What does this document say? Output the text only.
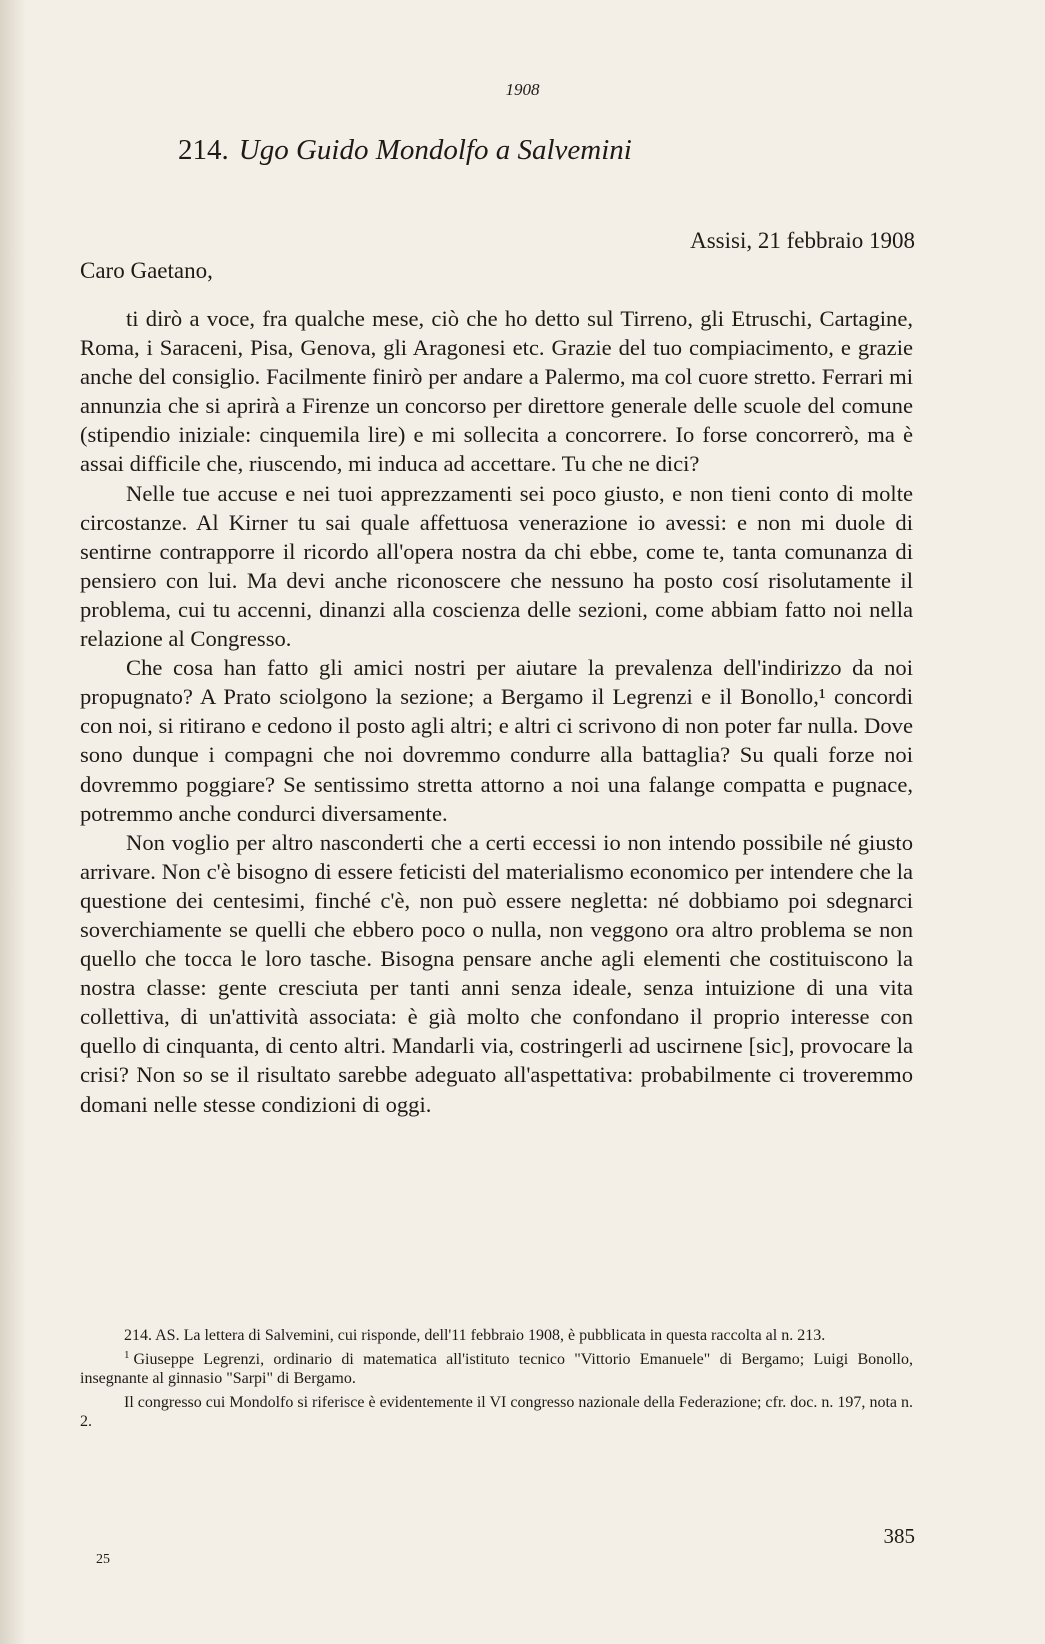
1908
214. Ugo Guido Mondolfo a Salvemini
Assisi, 21 febbraio 1908
Caro Gaetano,

ti dirò a voce, fra qualche mese, ciò che ho detto sul Tirreno, gli Etruschi, Cartagine, Roma, i Saraceni, Pisa, Genova, gli Aragonesi etc. Grazie del tuo compiacimento, e grazie anche del consiglio. Facilmente finirò per andare a Palermo, ma col cuore stretto. Ferrari mi annunzia che si aprirà a Firenze un concorso per direttore generale delle scuole del comune (stipendio iniziale: cinquemila lire) e mi sollecita a concorrere. Io forse concorrerò, ma è assai difficile che, riuscendo, mi induca ad accettare. Tu che ne dici?

Nelle tue accuse e nei tuoi apprezzamenti sei poco giusto, e non tieni conto di molte circostanze. Al Kirner tu sai quale affettuosa venerazione io avessi: e non mi duole di sentirne contrapporre il ricordo all'opera nostra da chi ebbe, come te, tanta comunanza di pensiero con lui. Ma devi anche riconoscere che nessuno ha posto cosí risolutamente il problema, cui tu accenni, dinanzi alla coscienza delle sezioni, come abbiam fatto noi nella relazione al Congresso.

Che cosa han fatto gli amici nostri per aiutare la prevalenza dell'indirizzo da noi propugnato? A Prato sciolgono la sezione; a Bergamo il Legrenzi e il Bonollo,¹ concordi con noi, si ritirano e cedono il posto agli altri; e altri ci scrivono di non poter far nulla. Dove sono dunque i compagni che noi dovremmo condurre alla battaglia? Su quali forze noi dovremmo poggiare? Se sentissimo stretta attorno a noi una falange compatta e pugnace, potremmo anche condurci diversamente.

Non voglio per altro nasconderti che a certi eccessi io non intendo possibile né giusto arrivare. Non c'è bisogno di essere feticisti del materialismo economico per intendere che la questione dei centesimi, finché c'è, non può essere negletta: né dobbiamo poi sdegnarci soverchiamente se quelli che ebbero poco o nulla, non veggono ora altro problema se non quello che tocca le loro tasche. Bisogna pensare anche agli elementi che costituiscono la nostra classe: gente cresciuta per tanti anni senza ideale, senza intuizione di una vita collettiva, di un'attività associata: è già molto che confondano il proprio interesse con quello di cinquanta, di cento altri. Mandarli via, costringerli ad uscirnene [sic], provocare la crisi? Non so se il risultato sarebbe adeguato all'aspettativa: probabilmente ci troveremmo domani nelle stesse condizioni di oggi.

214. AS. La lettera di Salvemini, cui risponde, dell'11 febbraio 1908, è pubblicata in questa raccolta al n. 213.

$^1$ Giuseppe Legrenzi, ordinario di matematica all'istituto tecnico "Vittorio Emanuele" di Bergamo; Luigi Bonollo, insegnante al ginnasio "Sarpi" di Bergamo.

Il congresso cui Mondolfo si riferisce è evidentemente il VI congresso nazionale della Federazione; cfr. doc. n. 197, nota n. 2.

385
25
